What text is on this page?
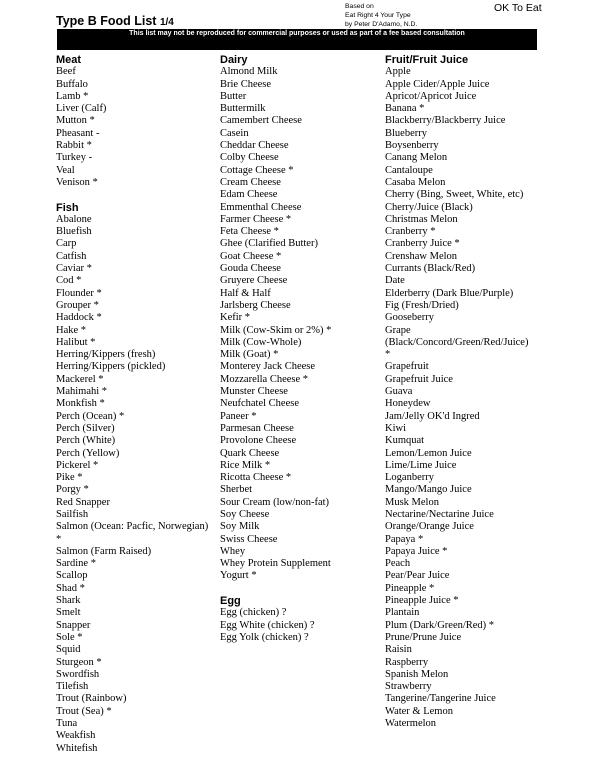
Type B Food List 1/4
Based on
Eat Right 4 Your Type
by Peter D'Adamo, N.D.
OK To Eat
This list may not be reproduced for commercial purposes or used as part of a fee based consultation
Meat
Beef
Buffalo
Lamb *
Liver (Calf)
Mutton *
Pheasant -
Rabbit *
Turkey -
Veal
Venison *
Fish
Abalone
Bluefish
Carp
Catfish
Caviar *
Cod *
Flounder *
Grouper *
Haddock *
Hake *
Halibut *
Herring/Kippers (fresh)
Herring/Kippers (pickled)
Mackerel *
Mahimahi *
Monkfish *
Perch (Ocean) *
Perch (Silver)
Perch (White)
Perch (Yellow)
Pickerel *
Pike *
Porgy *
Red Snapper
Sailfish
Salmon (Ocean: Pacfic, Norwegian)
*
Salmon (Farm Raised)
Sardine *
Scallop
Shad *
Shark
Smelt
Snapper
Sole *
Squid
Sturgeon *
Swordfish
Tilefish
Trout (Rainbow)
Trout (Sea) *
Tuna
Weakfish
Whitefish
Dairy
Almond Milk
Brie Cheese
Butter
Buttermilk
Camembert Cheese
Casein
Cheddar Cheese
Colby Cheese
Cottage Cheese *
Cream Cheese
Edam Cheese
Emmenthal Cheese
Farmer Cheese *
Feta Cheese *
Ghee (Clarified Butter)
Goat Cheese *
Gouda Cheese
Gruyere Cheese
Half & Half
Jarlsberg Cheese
Kefir *
Milk (Cow-Skim or 2%) *
Milk (Cow-Whole)
Milk (Goat) *
Monterey Jack Cheese
Mozzarella Cheese *
Munster Cheese
Neufchatel Cheese
Paneer *
Parmesan Cheese
Provolone Cheese
Quark Cheese
Rice Milk *
Ricotta Cheese *
Sherbet
Sour Cream (low/non-fat)
Soy Cheese
Soy Milk
Swiss Cheese
Whey
Whey Protein Supplement
Yogurt *
Egg
Egg (chicken) ?
Egg White (chicken) ?
Egg Yolk (chicken) ?
Fruit/Fruit Juice
Apple
Apple Cider/Apple Juice
Apricot/Apricot Juice
Banana *
Blackberry/Blackberry Juice
Blueberry
Boysenberry
Canang Melon
Cantaloupe
Casaba Melon
Cherry (Bing, Sweet, White, etc)
Cherry/Juice (Black)
Christmas Melon
Cranberry *
Cranberry Juice *
Crenshaw Melon
Currants (Black/Red)
Date
Elderberry (Dark Blue/Purple)
Fig (Fresh/Dried)
Gooseberry
Grape
(Black/Concord/Green/Red/Juice)
*
Grapefruit
Grapefruit Juice
Guava
Honeydew
Jam/Jelly OK'd Ingred
Kiwi
Kumquat
Lemon/Lemon Juice
Lime/Lime Juice
Loganberry
Mango/Mango Juice
Musk Melon
Nectarine/Nectarine Juice
Orange/Orange Juice
Papaya *
Papaya Juice *
Peach
Pear/Pear Juice
Pineapple *
Pineapple Juice *
Plantain
Plum (Dark/Green/Red) *
Prune/Prune Juice
Raisin
Raspberry
Spanish Melon
Strawberry
Tangerine/Tangerine Juice
Water & Lemon
Watermelon
